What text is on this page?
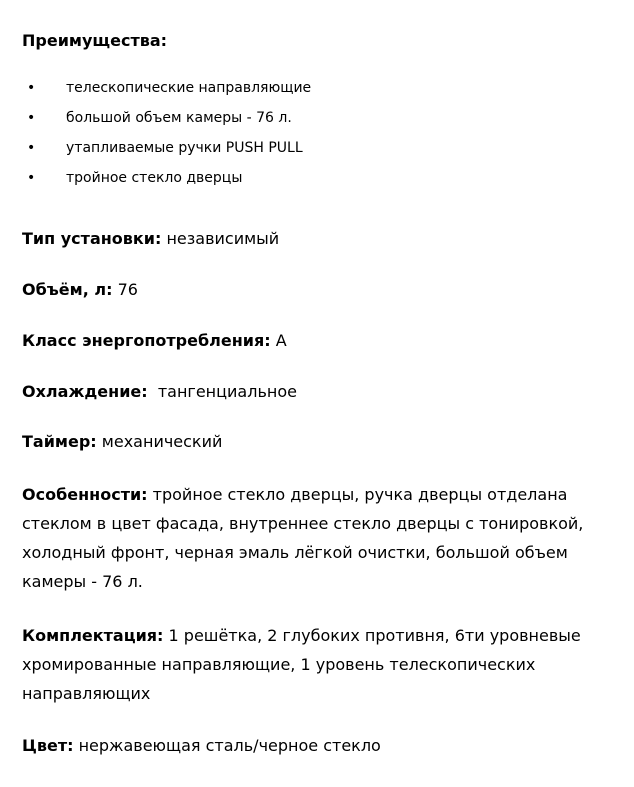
Преимущества:
• телескопические направляющие
• большой объем камеры - 76 л.
• утапливаемые ручки PUSH PULL
• тройное стекло дверцы
Тип установки: независимый
Объём, л: 76
Класс энергопотребления: А
Охлаждение:  тангенциальное
Таймер: механический
Особенности: тройное стекло дверцы, ручка дверцы отделана стеклом в цвет фасада, внутреннее стекло дверцы с тонировкой, холодный фронт, черная эмаль лёгкой очистки, большой объем камеры - 76 л.
Комплектация: 1 решётка, 2 глубоких противня, 6ти уровневые хромированные направляющие, 1 уровень телескопических направляющих
Цвет: нержавеющая сталь/черное стекло
